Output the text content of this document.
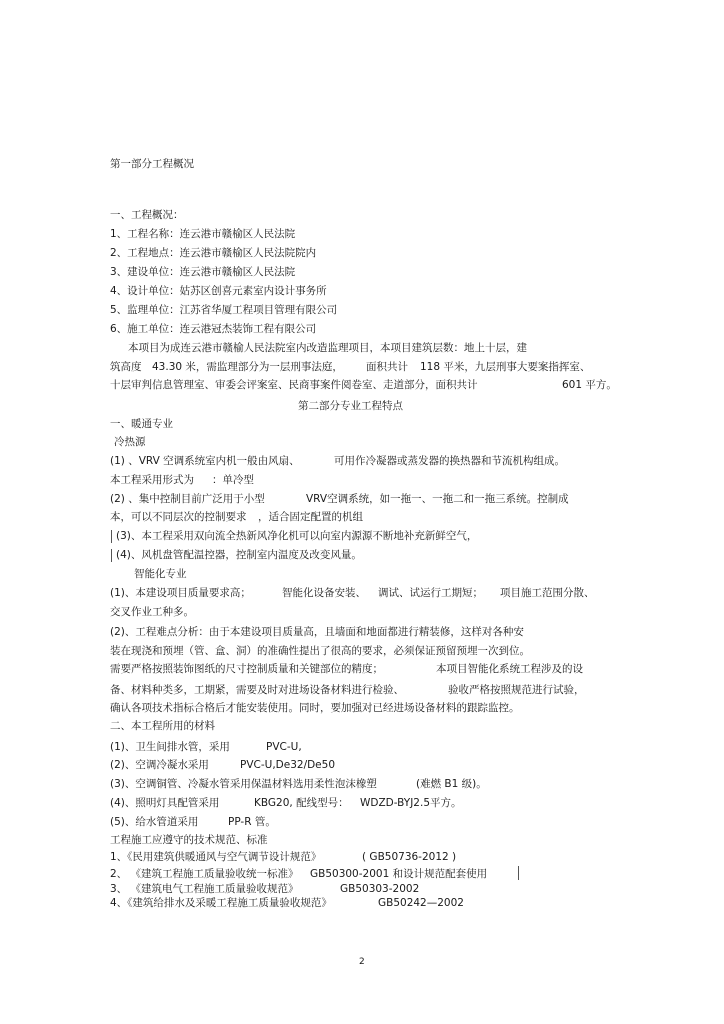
第一部分工程概况
一、工程概况：
1、工程名称：连云港市赣榆区人民法院
2、工程地点：连云港市赣榆区人民法院院内
3、建设单位：连云港市赣榆区人民法院
4、设计单位：姑苏区创喜元素室内设计事务所
5、监理单位：江苏省华厦工程项目管理有限公司
6、施工单位：连云港冠杰装饰工程有限公司
本项目为成连云港市赣榆人民法院室内改造监理项目，本项目建筑层数：地上十层，建
筑高度 43.30 米，需监理部分为一层刑事法庭， 面积共计 118 平米，九层刑事大要案指挥室、
十层审判信息管理室、审委会评案室、民商事案件阅卷室、走道部分，面积共计	601 平方。
第二部分专业工程特点
一、暖通专业
冷热源
(1) 、VRV 空调系统室内机一般由风扇、	可用作冷凝器或蒸发器的换热器和节流机构组成。
本工程采用形式为 ：单冷型
(2) 、集中控制目前广泛用于小型	VRV空调系统，如一拖一、一拖二和一拖三系统。控制成
本，可以不同层次的控制要求 ，适合固定配置的机组
(3)、本工程采用双向流全热新风净化机可以向室内源源不断地补充新鲜空气，
(4)、风机盘管配温控器，控制室内温度及改变风量。
智能化专业
(1)、本建设项目质量要求高；	智能化设备安装、 调试、试运行工期短； 项目施工范围分散、
交叉作业工种多。
(2)、工程难点分析：由于本建设项目质量高，且墙面和地面都进行精装修，这样对各种安
装在现浇和预埋（管、盒、洞）的准确性提出了很高的要求，必须保证预留预埋一次到位。
需要严格按照装饰图纸的尺寸控制质量和关键部位的精度；	本项目智能化系统工程涉及的设
备、材料种类多，工期紧，需要及时对进场设备材料进行检验、	验收严格按照规范进行试验，
确认各项技术指标合格后才能安装使用。同时，要加强对已经进场设备材料的跟踪监控。
二、本工程所用的材料
(1)、卫生间排水管，采用	PVC-U,
(2)、空调冷凝水采用	PVC-U,De32/De50
(3)、空调铜管、冷凝水管采用保温材料选用柔性泡沫橡塑	(难燃 B1 级)。
(4)、照明灯具配管采用	KBG20, 配线型号： WDZD-BYJ2.5平方。
(5)、给水管道采用	PP-R 管。
工程施工应遵守的技术规范、标准
1、《民用建筑供暖通风与空气调节设计规范》	( GB50736-2012 )
2、 《建筑工程施工质量验收统一标准》 GB50300-2001 和设计规范配套使用
3、 《建筑电气工程施工质量验收规范》	GB50303-2002
4、《建筑给排水及采暖工程施工质量验收规范》	GB50242—2002
2
